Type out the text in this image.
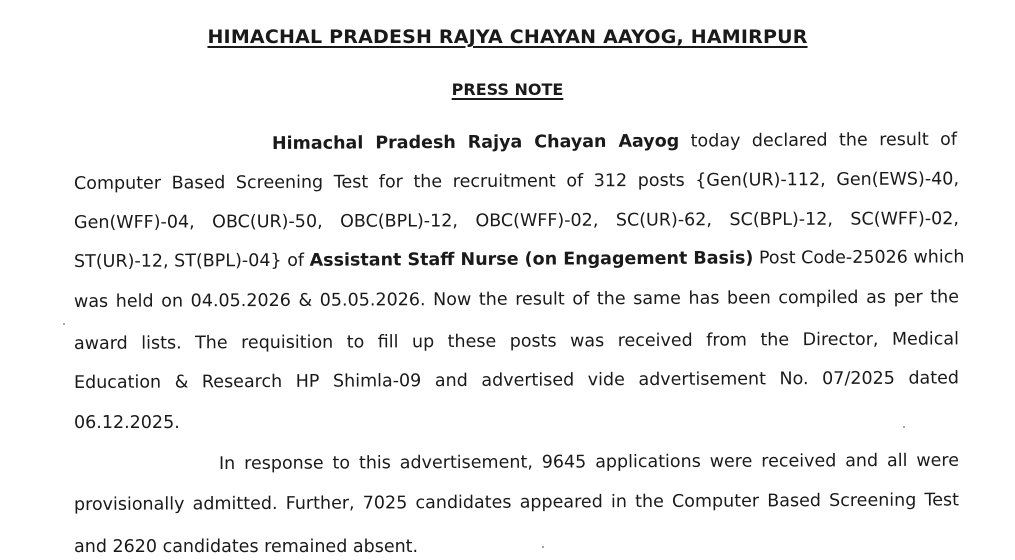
HIMACHAL PRADESH RAJYA CHAYAN AAYOG, HAMIRPUR
PRESS NOTE
Himachal Pradesh Rajya Chayan Aayog today declared the result of
Computer Based Screening Test for the recruitment of 312 posts {Gen(UR)-112, Gen(EWS)-40,
Gen(WFF)-04, OBC(UR)-50, OBC(BPL)-12, OBC(WFF)-02, SC(UR)-62, SC(BPL)-12, SC(WFF)-02,
ST(UR)-12, ST(BPL)-04} of Assistant Staff Nurse (on Engagement Basis) Post Code-25026 which
was held on 04.05.2026 & 05.05.2026. Now the result of the same has been compiled as per the
award lists. The requisition to fill up these posts was received from the Director, Medical
Education & Research HP Shimla-09 and advertised vide advertisement No. 07/2025 dated
06.12.2025.
In response to this advertisement, 9645 applications were received and all were
provisionally admitted. Further, 7025 candidates appeared in the Computer Based Screening Test
and 2620 candidates remained absent.
